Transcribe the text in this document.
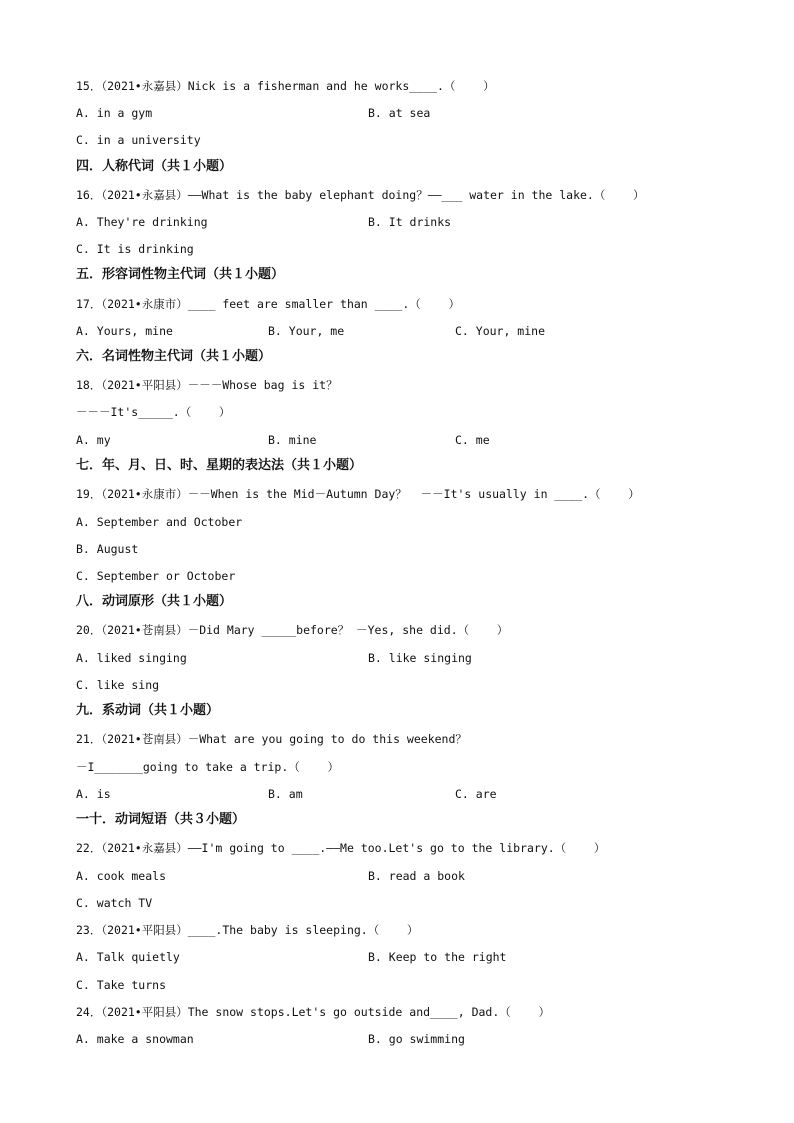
15．（2021•永嘉县）Nick is a fisherman and he works____.（    ）
A. in a gym	B. at sea
C. in a university
四．人称代词（共１小题）
16．（2021•永嘉县）——What is the baby elephant doing？——___ water in the lake.（    ）
A. They're drinking	B. It drinks
C. It is drinking
五．形容词性物主代词（共１小题）
17．（2021•永康市）____ feet are smaller than ____.（    ）
A. Yours, mine	B. Your, me	C. Your, mine
六．名词性物主代词（共１小题）
18．（2021•平阳县）－－－Whose bag is it？
－－－It's_____.（    ）
A. my	B. mine	C. me
七．年、月、日、时、星期的表达法（共１小题）
19．（2021•永康市）－－When is the Mid－Autumn Day？  －－It's usually in ____.（    ）
A. September and October
B. August
C. September or October
八．动词原形（共１小题）
20．（2021•苍南县）－Did Mary _____before？ －Yes, she did.（    ）
A. liked singing	B. like singing
C. like sing
九．系动词（共１小题）
21．（2021•苍南县）－What are you going to do this weekend？
－I_______going to take a trip.（    ）
A. is	B. am	C. are
一十．动词短语（共３小题）
22．（2021•永嘉县）——I'm going to ____.——Me too.Let's go to the library.（    ）
A. cook meals	B. read a book
C. watch TV
23．（2021•平阳县）____.The baby is sleeping.（    ）
A. Talk quietly	B. Keep to the right
C. Take turns
24．（2021•平阳县）The snow stops.Let's go outside and____, Dad.（    ）
A. make a snowman	B. go swimming
